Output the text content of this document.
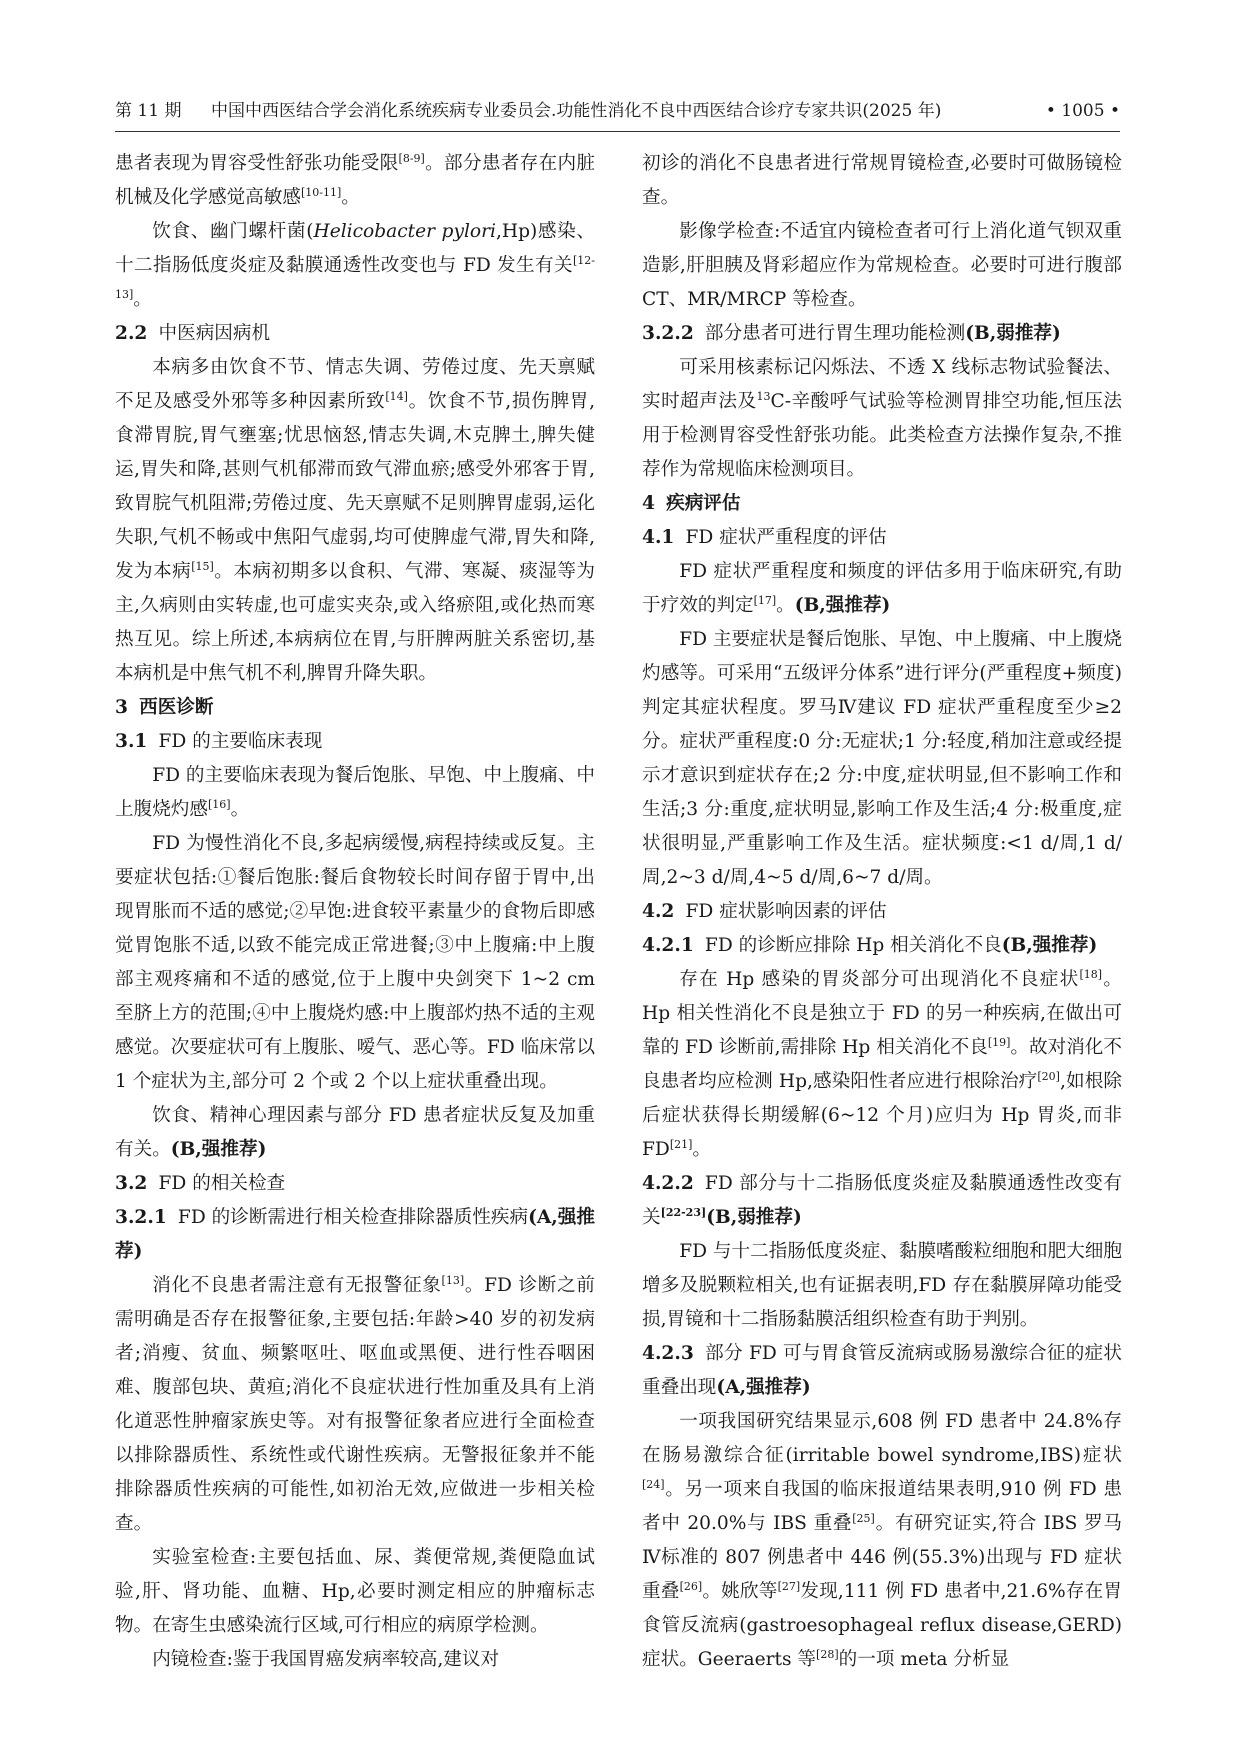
第 11 期 中国中西医结合学会消化系统疾病专业委员会.功能性消化不良中西医结合诊疗专家共识(2025 年)	• 1005 •

患者表现为胃容受性舒张功能受限[8-9]。部分患者存在内脏机械及化学感觉高敏感[10-11]。

饮食、幽门螺杆菌(Helicobacter pylori,Hp)感染、十二指肠低度炎症及黏膜通透性改变也与 FD 发生有关[12-13]。

2.2 中医病因病机

本病多由饮食不节、情志失调、劳倦过度、先天禀赋不足及感受外邪等多种因素所致[14]。饮食不节,损伤脾胃,食滞胃脘,胃气壅塞;忧思恼怒,情志失调,木克脾土,脾失健运,胃失和降,甚则气机郁滞而致气滞血瘀;感受外邪客于胃,致胃脘气机阻滞;劳倦过度、先天禀赋不足则脾胃虚弱,运化失职,气机不畅或中焦阳气虚弱,均可使脾虚气滞,胃失和降,发为本病[15]。本病初期多以食积、气滞、寒凝、痰湿等为主,久病则由实转虚,也可虚实夹杂,或入络瘀阻,或化热而寒热互见。综上所述,本病病位在胃,与肝脾两脏关系密切,基本病机是中焦气机不利,脾胃升降失职。

3 西医诊断
3.1 FD 的主要临床表现

FD 的主要临床表现为餐后饱胀、早饱、中上腹痛、中上腹烧灼感[16]。

FD 为慢性消化不良,多起病缓慢,病程持续或反复。主要症状包括:①餐后饱胀:餐后食物较长时间存留于胃中,出现胃胀而不适的感觉;②早饱:进食较平素量少的食物后即感觉胃饱胀不适,以致不能完成正常进餐;③中上腹痛:中上腹部主观疼痛和不适的感觉,位于上腹中央剑突下 1~2 cm 至脐上方的范围;④中上腹烧灼感:中上腹部灼热不适的主观感觉。次要症状可有上腹胀、嗳气、恶心等。FD 临床常以 1 个症状为主,部分可 2 个或 2 个以上症状重叠出现。

饮食、精神心理因素与部分 FD 患者症状反复及加重有关。(B,强推荐)

3.2 FD 的相关检查
3.2.1 FD 的诊断需进行相关检查排除器质性疾病(A,强推荐)

消化不良患者需注意有无报警征象[13]。FD 诊断之前需明确是否存在报警征象,主要包括:年龄>40 岁的初发病者;消瘦、贫血、频繁呕吐、呕血或黑便、进行性吞咽困难、腹部包块、黄疸;消化不良症状进行性加重及具有上消化道恶性肿瘤家族史等。对有报警征象者应进行全面检查以排除器质性、系统性或代谢性疾病。无警报征象并不能排除器质性疾病的可能性,如初治无效,应做进一步相关检查。

实验室检查:主要包括血、尿、粪便常规,粪便隐血试验,肝、肾功能、血糖、Hp,必要时测定相应的肿瘤标志物。在寄生虫感染流行区域,可行相应的病原学检测。

内镜检查:鉴于我国胃癌发病率较高,建议对

初诊的消化不良患者进行常规胃镜检查,必要时可做肠镜检查。

影像学检查:不适宜内镜检查者可行上消化道气钡双重造影,肝胆胰及肾彩超应作为常规检查。必要时可进行腹部 CT、MR/MRCP 等检查。

3.2.2 部分患者可进行胃生理功能检测(B,弱推荐)

可采用核素标记闪烁法、不透 X 线标志物试验餐法、实时超声法及$^{13}$C-辛酸呼气试验等检测胃排空功能,恒压法用于检测胃容受性舒张功能。此类检查方法操作复杂,不推荐作为常规临床检测项目。

4 疾病评估
4.1 FD 症状严重程度的评估

FD 症状严重程度和频度的评估多用于临床研究,有助于疗效的判定[17]。(B,强推荐)

FD 主要症状是餐后饱胀、早饱、中上腹痛、中上腹烧灼感等。可采用“五级评分体系”进行评分(严重程度+频度)判定其症状程度。罗马Ⅳ建议 FD 症状严重程度至少≥2 分。症状严重程度:0 分:无症状;1 分:轻度,稍加注意或经提示才意识到症状存在;2 分:中度,症状明显,但不影响工作和生活;3 分:重度,症状明显,影响工作及生活;4 分:极重度,症状很明显,严重影响工作及生活。症状频度:<1 d/周,1 d/周,2~3 d/周,4~5 d/周,6~7 d/周。

4.2 FD 症状影响因素的评估
4.2.1 FD 的诊断应排除 Hp 相关消化不良(B,强推荐)

存在 Hp 感染的胃炎部分可出现消化不良症状[18]。Hp 相关性消化不良是独立于 FD 的另一种疾病,在做出可靠的 FD 诊断前,需排除 Hp 相关消化不良[19]。故对消化不良患者均应检测 Hp,感染阳性者应进行根除治疗[20],如根除后症状获得长期缓解(6~12 个月)应归为 Hp 胃炎,而非 FD[21]。

4.2.2 FD 部分与十二指肠低度炎症及黏膜通透性改变有关[22-23](B,弱推荐)

FD 与十二指肠低度炎症、黏膜嗜酸粒细胞和肥大细胞增多及脱颗粒相关,也有证据表明,FD 存在黏膜屏障功能受损,胃镜和十二指肠黏膜活组织检查有助于判别。

4.2.3 部分 FD 可与胃食管反流病或肠易激综合征的症状重叠出现(A,强推荐)

一项我国研究结果显示,608 例 FD 患者中 24.8%存在肠易激综合征(irritable bowel syndrome,IBS)症状[24]。另一项来自我国的临床报道结果表明,910 例 FD 患者中 20.0%与 IBS 重叠[25]。有研究证实,符合 IBS 罗马Ⅳ标准的 807 例患者中 446 例(55.3%)出现与 FD 症状重叠[26]。姚欣等[27]发现,111 例 FD 患者中,21.6%存在胃食管反流病(gastroesophageal reflux disease,GERD)症状。Geeraerts 等[28]的一项 meta 分析显
